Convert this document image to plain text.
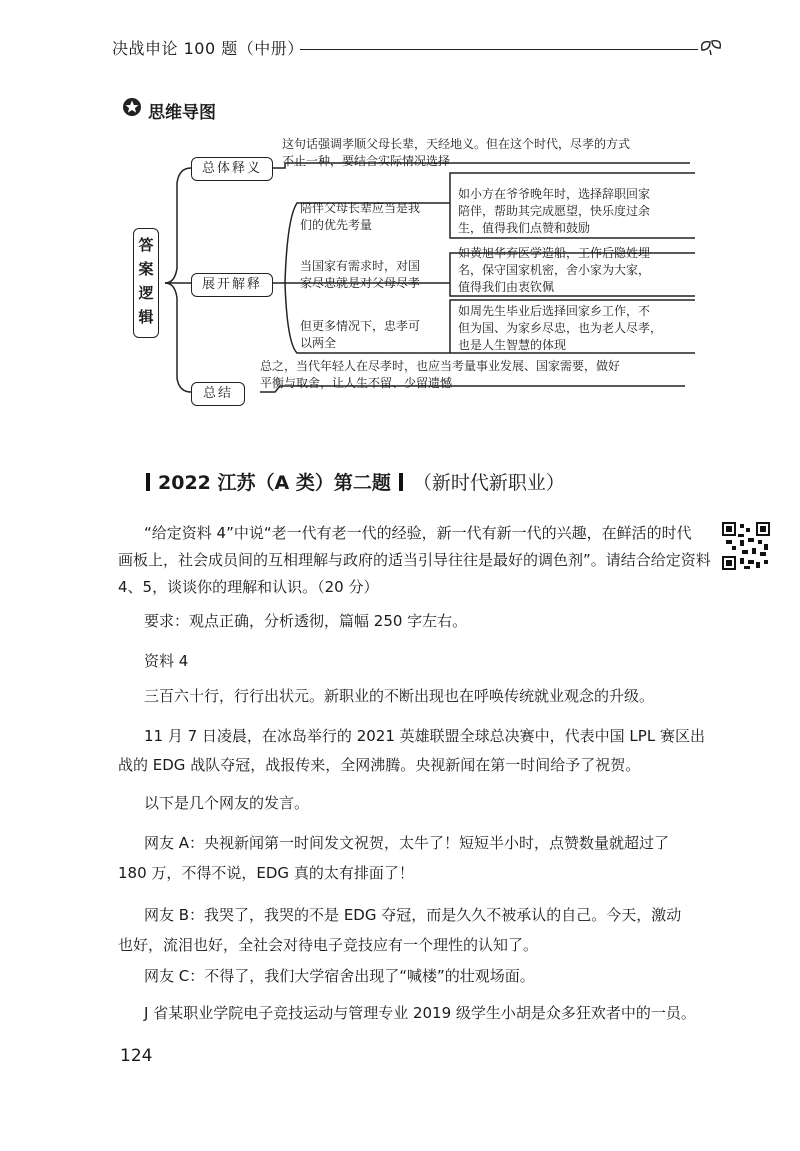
决战申论 100 题（中册）
思维导图
答案逻辑
总体释义
展开解释
总结
这句话强调孝顺父母长辈，天经地义。但在这个时代，尽孝的方式
不止一种，要结合实际情况选择
陪伴父母长辈应当是我
们的优先考量
当国家有需求时，对国
家尽忠就是对父母尽孝
但更多情况下，忠孝可
以两全
如小方在爷爷晚年时，选择辞职回家
陪伴，帮助其完成愿望，快乐度过余
生，值得我们点赞和鼓励
如黄旭华弃医学造船，工作后隐姓埋
名，保守国家机密，舍小家为大家，
值得我们由衷钦佩
如周先生毕业后选择回家乡工作，不
但为国、为家乡尽忠，也为老人尽孝，
也是人生智慧的体现
总之，当代年轻人在尽孝时，也应当考量事业发展、国家需要，做好
平衡与取舍，让人生不留、少留遗憾
2022 江苏（A 类）第二题 （新时代新职业）
“给定资料 4”中说“老一代有老一代的经验，新一代有新一代的兴趣，在鲜活的时代
画板上，社会成员间的互相理解与政府的适当引导往往是最好的调色剂”。请结合给定资料
4、5，谈谈你的理解和认识。（20 分）
要求：观点正确，分析透彻，篇幅 250 字左右。
资料 4
三百六十行，行行出状元。新职业的不断出现也在呼唤传统就业观念的升级。
11 月 7 日凌晨，在冰岛举行的 2021 英雄联盟全球总决赛中，代表中国 LPL 赛区出
战的 EDG 战队夺冠，战报传来，全网沸腾。央视新闻在第一时间给予了祝贺。
以下是几个网友的发言。
网友 A：央视新闻第一时间发文祝贺，太牛了！短短半小时，点赞数量就超过了
180 万，不得不说，EDG 真的太有排面了！
网友 B：我哭了，我哭的不是 EDG 夺冠，而是久久不被承认的自己。今天，激动
也好，流泪也好，全社会对待电子竞技应有一个理性的认知了。
网友 C：不得了，我们大学宿舍出现了“喊楼”的壮观场面。
J 省某职业学院电子竞技运动与管理专业 2019 级学生小胡是众多狂欢者中的一员。
124
